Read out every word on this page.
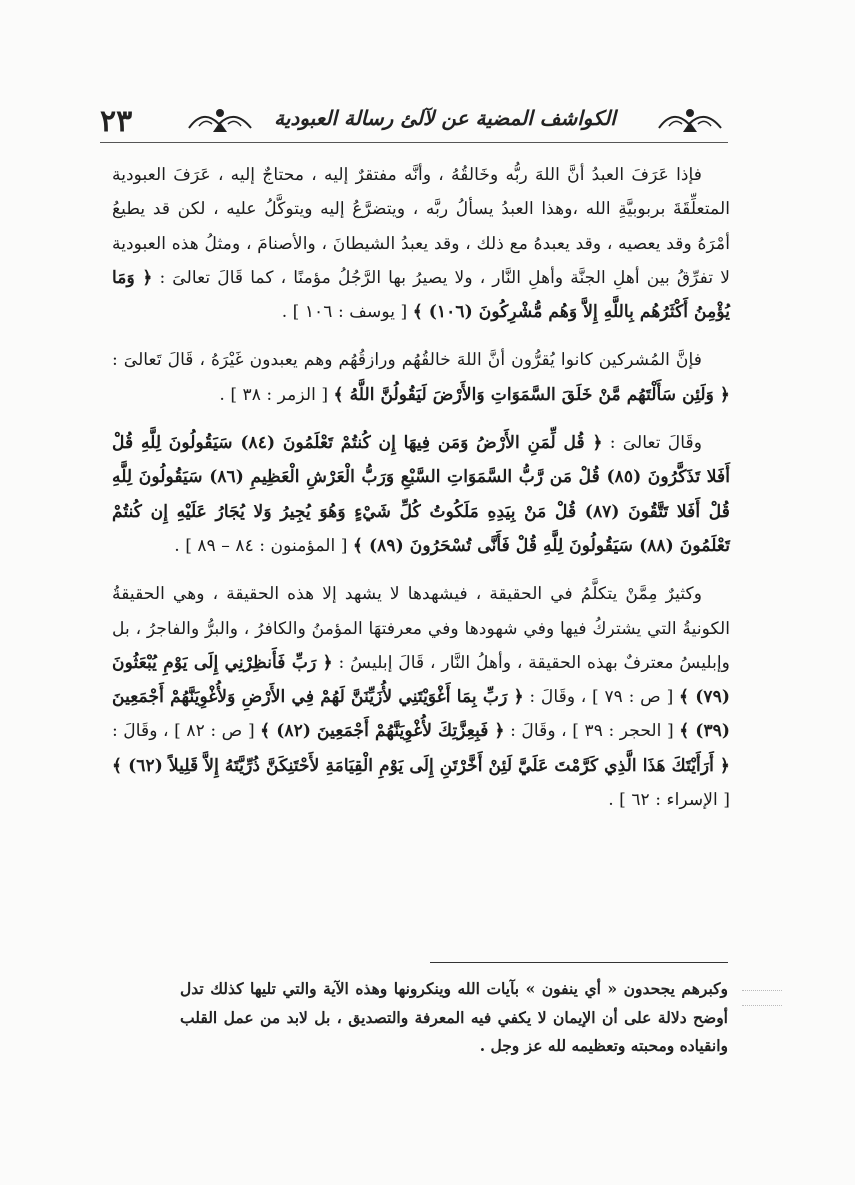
٢٣	الكواشف المضية عن لآلئ رسالة العبودية

فإذا عَرَفَ العبدُ أنَّ اللهَ ربُّه وخَالقُهُ ، وأنَّه مفتقرٌ إليه ، محتاجٌ إليه ، عَرَفَ العبودية المتعلِّقَةَ بربوبيَّةِ الله ،وهذا العبدُ يسألُ ربَّه ، ويتضرَّعُ إليه ويتوكَّلُ عليه ، لكن قد يطيعُ أمْرَهُ وقد يعصيه ، وقد يعبدهُ مع ذلك ، وقد يعبدُ الشيطانَ ، والأصنامَ ، ومثلُ هذه العبودية لا تفرِّقُ بين أهلِ الجنَّة وأهلِ النَّار ، ولا يصيرُ بها الرَّجُلُ مؤمنًا ، كما قَالَ تعالىَ : ﴿ وَمَا يُؤْمِنُ أَكْثَرُهُم بِاللَّهِ إِلاَّ وَهُم مُّشْرِكُونَ (١٠٦) ﴾ [ يوسف : ١٠٦ ] .

فإنَّ المُشركين كانوا يُقرُّون أنَّ اللهَ خالقُهُم ورازقُهُم وهم يعبدون غَيْرَهُ ، قَالَ تَعالىَ : ﴿ وَلَئِن سَأَلْتَهُم مَّنْ خَلَقَ السَّمَوَاتِ وَالأَرْضَ لَيَقُولُنَّ اللَّهُ ﴾ [ الزمر : ٣٨ ] .

وقَالَ تعالىَ : ﴿ قُل لِّمَنِ الأَرْضُ وَمَن فِيهَا إِن كُنتُمْ تَعْلَمُونَ (٨٤) سَيَقُولُونَ لِلَّهِ قُلْ أَفَلا تَذَكَّرُونَ (٨٥) قُلْ مَن رَّبُّ السَّمَوَاتِ السَّبْعِ وَرَبُّ الْعَرْشِ الْعَظِيمِ (٨٦) سَيَقُولُونَ لِلَّهِ قُلْ أَفَلا تَتَّقُونَ (٨٧) قُلْ مَنْ بِيَدِهِ مَلَكُوتُ كُلِّ شَيْءٍ وَهُوَ يُجِيرُ وَلا يُجَارُ عَلَيْهِ إِن كُنتُمْ تَعْلَمُونَ (٨٨) سَيَقُولُونَ لِلَّهِ قُلْ فَأَنَّى تُسْحَرُونَ (٨٩) ﴾ [ المؤمنون : ٨٤ – ٨٩ ] .

وكثيرٌ مِمَّنْ يتكلَّمُ في الحقيقة ، فيشهدها لا يشهد إلا هذه الحقيقة ، وهي الحقيقةُ الكونيةُ التي يشتركُ فيها وفي شهودها وفي معرفتهَا المؤمنُ والكافرُ ، والبرُّ والفاجرُ ، بل وإبليسُ معترفٌ بهذه الحقيقة ، وأهلُ النَّار ، قَالَ إبليسُ : ﴿ رَبِّ فَأَنظِرْنِي إِلَى يَوْمِ يُبْعَثُونَ (٧٩) ﴾ [ ص : ٧٩ ] ، وقَالَ : ﴿ رَبِّ بِمَا أَغْوَيْتَنِي لأُزَيِّنَنَّ لَهُمْ فِي الأَرْضِ وَلأُغْوِيَنَّهُمْ أَجْمَعِينَ (٣٩) ﴾ [ الحجر : ٣٩ ] ، وقَالَ : ﴿ فَبِعِزَّتِكَ لأُغْوِيَنَّهُمْ أَجْمَعِينَ (٨٢) ﴾ [ ص : ٨٢ ] ، وقَالَ : ﴿ أَرَأَيْتَكَ هَذَا الَّذِي كَرَّمْتَ عَلَيَّ لَئِنْ أَخَّرْتَنِ إِلَى يَوْمِ الْقِيَامَةِ لأَحْتَنِكَنَّ ذُرِّيَّتَهُ إِلاَّ قَلِيلاً (٦٢) ﴾ [ الإسراء : ٦٢ ] .

وكبرهم يجحدون « أي ينفون » بآيات الله وينكرونها وهذه الآية والتي تليها كذلك تدل أوضح دلالة على أن الإيمان لا يكفي فيه المعرفة والتصديق ، بل لابد من عمل القلب وانقياده ومحبته وتعظيمه لله عز وجل .
